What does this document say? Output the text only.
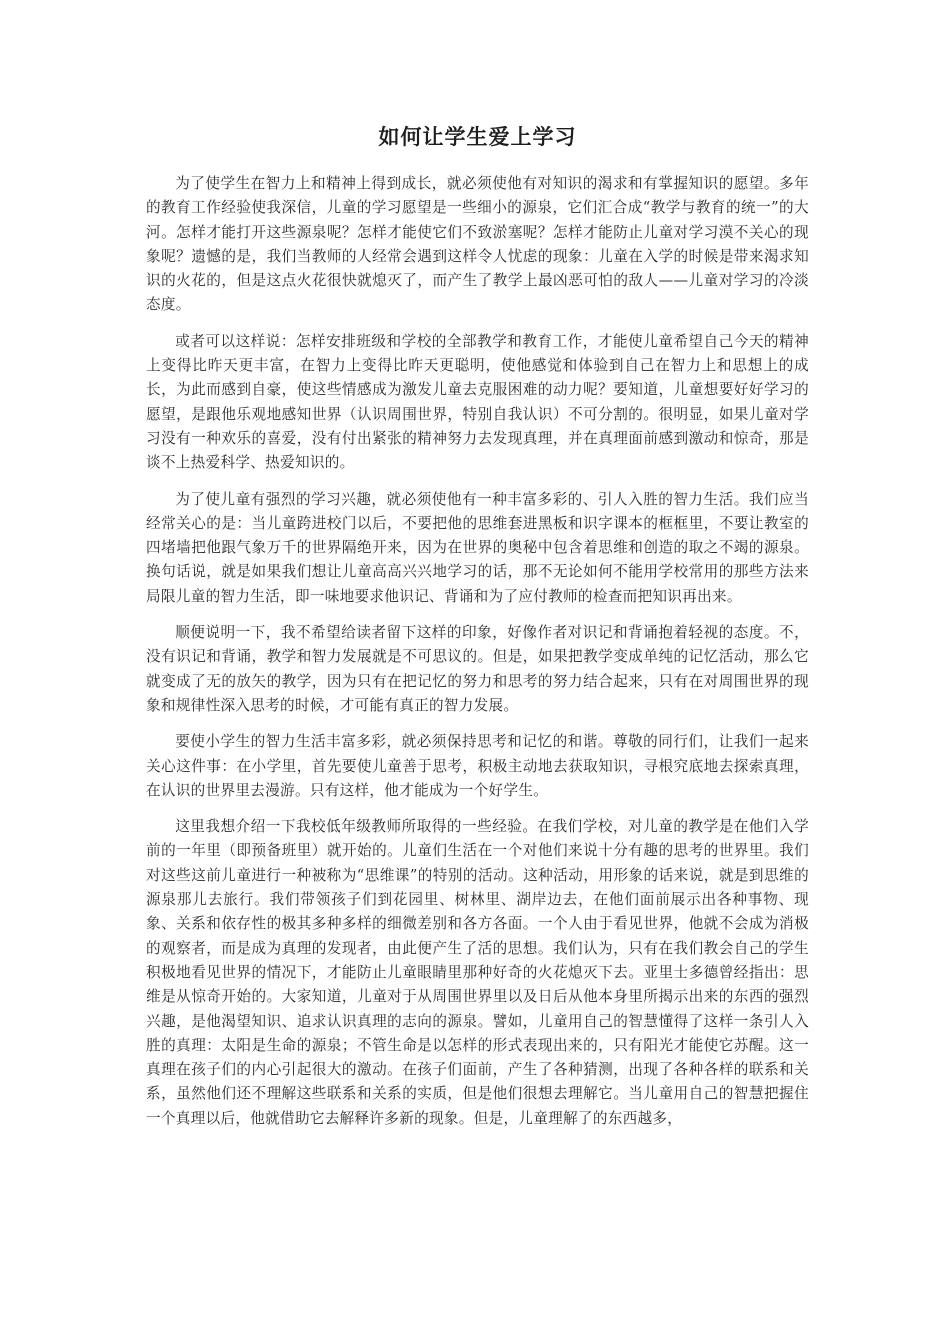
如何让学生爱上学习

为了使学生在智力上和精神上得到成长，就必须使他有对知识的渴求和有掌握知识的愿望。多年的教育工作经验使我深信，儿童的学习愿望是一些细小的源泉，它们汇合成“教学与教育的统一”的大河。怎样才能打开这些源泉呢？怎样才能使它们不致淤塞呢？怎样才能防止儿童对学习漠不关心的现象呢？遗憾的是，我们当教师的人经常会遇到这样令人忧虑的现象：儿童在入学的时候是带来渴求知识的火花的，但是这点火花很快就熄灭了，而产生了教学上最凶恶可怕的敌人——儿童对学习的冷淡态度。

或者可以这样说：怎样安排班级和学校的全部教学和教育工作，才能使儿童希望自己今天的精神上变得比昨天更丰富，在智力上变得比昨天更聪明，使他感觉和体验到自己在智力上和思想上的成长，为此而感到自豪，使这些情感成为激发儿童去克服困难的动力呢？要知道，儿童想要好好学习的愿望，是跟他乐观地感知世界（认识周围世界，特别自我认识）不可分割的。很明显，如果儿童对学习没有一种欢乐的喜爱，没有付出紧张的精神努力去发现真理，并在真理面前感到激动和惊奇，那是谈不上热爱科学、热爱知识的。

为了使儿童有强烈的学习兴趣，就必须使他有一种丰富多彩的、引人入胜的智力生活。我们应当经常关心的是：当儿童跨进校门以后，不要把他的思维套进黑板和识字课本的框框里，不要让教室的四堵墙把他跟气象万千的世界隔绝开来，因为在世界的奥秘中包含着思维和创造的取之不竭的源泉。换句话说，就是如果我们想让儿童高高兴兴地学习的话，那不无论如何不能用学校常用的那些方法来局限儿童的智力生活，即一味地要求他识记、背诵和为了应付教师的检查而把知识再出来。

顺便说明一下，我不希望给读者留下这样的印象，好像作者对识记和背诵抱着轻视的态度。不，没有识记和背诵，教学和智力发展就是不可思议的。但是，如果把教学变成单纯的记忆活动，那么它就变成了无的放矢的教学，因为只有在把记忆的努力和思考的努力结合起来，只有在对周围世界的现象和规律性深入思考的时候，才可能有真正的智力发展。

要使小学生的智力生活丰富多彩，就必须保持思考和记忆的和谐。尊敬的同行们，让我们一起来关心这件事：在小学里，首先要使儿童善于思考，积极主动地去获取知识，寻根究底地去探索真理，在认识的世界里去漫游。只有这样，他才能成为一个好学生。

这里我想介绍一下我校低年级教师所取得的一些经验。在我们学校，对儿童的教学是在他们入学前的一年里（即预备班里）就开始的。儿童们生活在一个对他们来说十分有趣的思考的世界里。我们对这些这前儿童进行一种被称为“思维课”的特别的活动。这种活动，用形象的话来说，就是到思维的源泉那儿去旅行。我们带领孩子们到花园里、树林里、湖岸边去，在他们面前展示出各种事物、现象、关系和依存性的极其多种多样的细微差别和各方各面。一个人由于看见世界，他就不会成为消极的观察者，而是成为真理的发现者，由此便产生了活的思想。我们认为，只有在我们教会自己的学生积极地看见世界的情况下，才能防止儿童眼睛里那种好奇的火花熄灭下去。亚里士多德曾经指出：思维是从惊奇开始的。大家知道，儿童对于从周围世界里以及日后从他本身里所揭示出来的东西的强烈兴趣，是他渴望知识、追求认识真理的志向的源泉。譬如，儿童用自己的智慧懂得了这样一条引人入胜的真理：太阳是生命的源泉；不管生命是以怎样的形式表现出来的，只有阳光才能使它苏醒。这一真理在孩子们的内心引起很大的激动。在孩子们面前，产生了各种猜测，出现了各种各样的联系和关系，虽然他们还不理解这些联系和关系的实质，但是他们很想去理解它。当儿童用自己的智慧把握住一个真理以后，他就借助它去解释许多新的现象。但是，儿童理解了的东西越多，
